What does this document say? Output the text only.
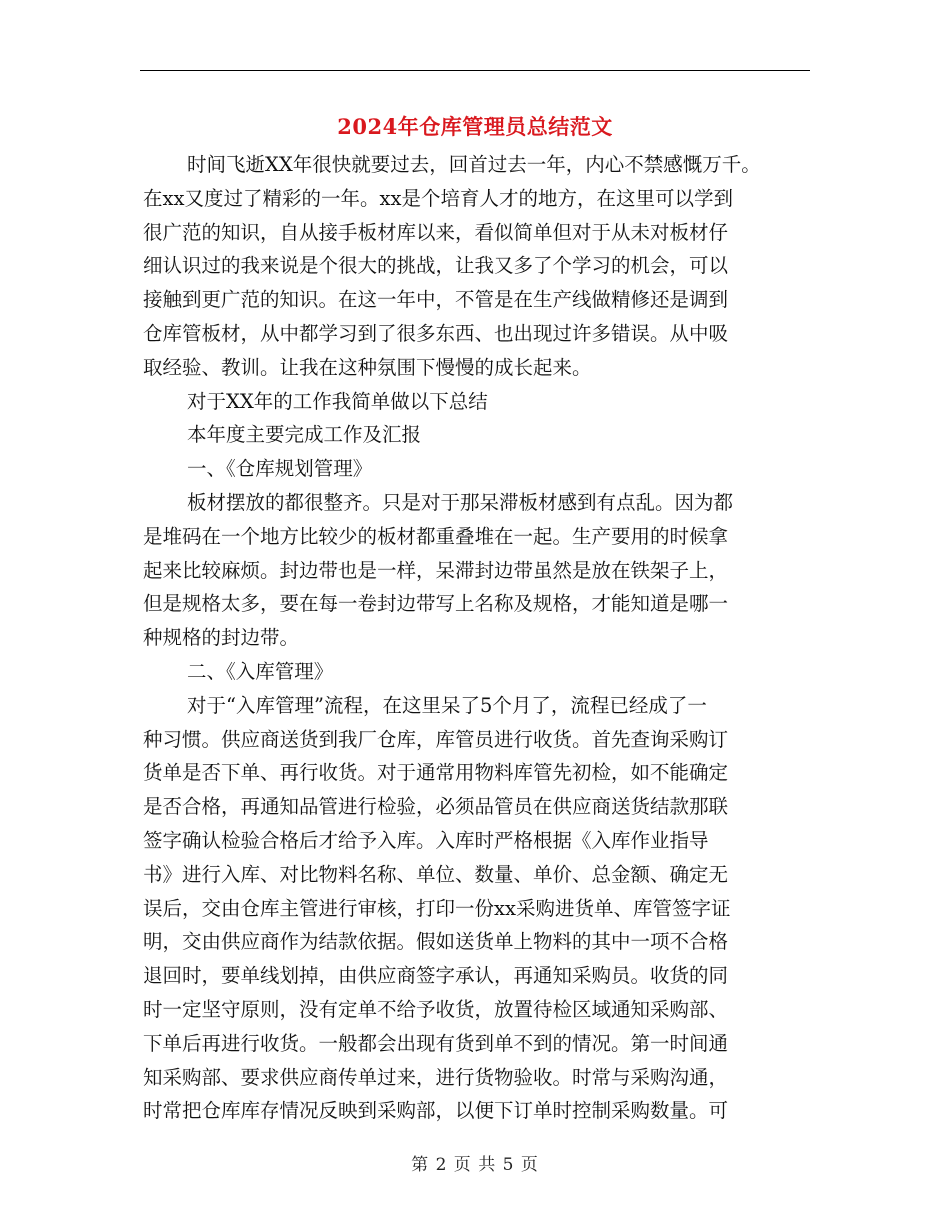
2024年仓库管理员总结范文
时间飞逝XX年很快就要过去，回首过去一年，内心不禁感慨万千。
在xx又度过了精彩的一年。xx是个培育人才的地方，在这里可以学到
很广范的知识，自从接手板材库以来，看似简单但对于从未对板材仔
细认识过的我来说是个很大的挑战，让我又多了个学习的机会，可以
接触到更广范的知识。在这一年中，不管是在生产线做精修还是调到
仓库管板材，从中都学习到了很多东西、也出现过许多错误。从中吸
取经验、教训。让我在这种氛围下慢慢的成长起来。
对于XX年的工作我简单做以下总结
本年度主要完成工作及汇报
一、《仓库规划管理》
板材摆放的都很整齐。只是对于那呆滞板材感到有点乱。因为都
是堆码在一个地方比较少的板材都重叠堆在一起。生产要用的时候拿
起来比较麻烦。封边带也是一样，呆滞封边带虽然是放在铁架子上，
但是规格太多，要在每一卷封边带写上名称及规格，才能知道是哪一
种规格的封边带。
二、《入库管理》
对于“入库管理”流程，在这里呆了5个月了，流程已经成了一
种习惯。供应商送货到我厂仓库，库管员进行收货。首先查询采购订
货单是否下单、再行收货。对于通常用物料库管先初检，如不能确定
是否合格，再通知品管进行检验，必须品管员在供应商送货结款那联
签字确认检验合格后才给予入库。入库时严格根据《入库作业指导
书》进行入库、对比物料名称、单位、数量、单价、总金额、确定无
误后，交由仓库主管进行审核，打印一份xx采购进货单、库管签字证
明，交由供应商作为结款依据。假如送货单上物料的其中一项不合格
退回时，要单线划掉，由供应商签字承认，再通知采购员。收货的同
时一定坚守原则，没有定单不给予收货，放置待检区域通知采购部、
下单后再进行收货。一般都会出现有货到单不到的情况。第一时间通
知采购部、要求供应商传单过来，进行货物验收。时常与采购沟通，
时常把仓库库存情况反映到采购部，以便下订单时控制采购数量。可
第 2 页 共 5 页
